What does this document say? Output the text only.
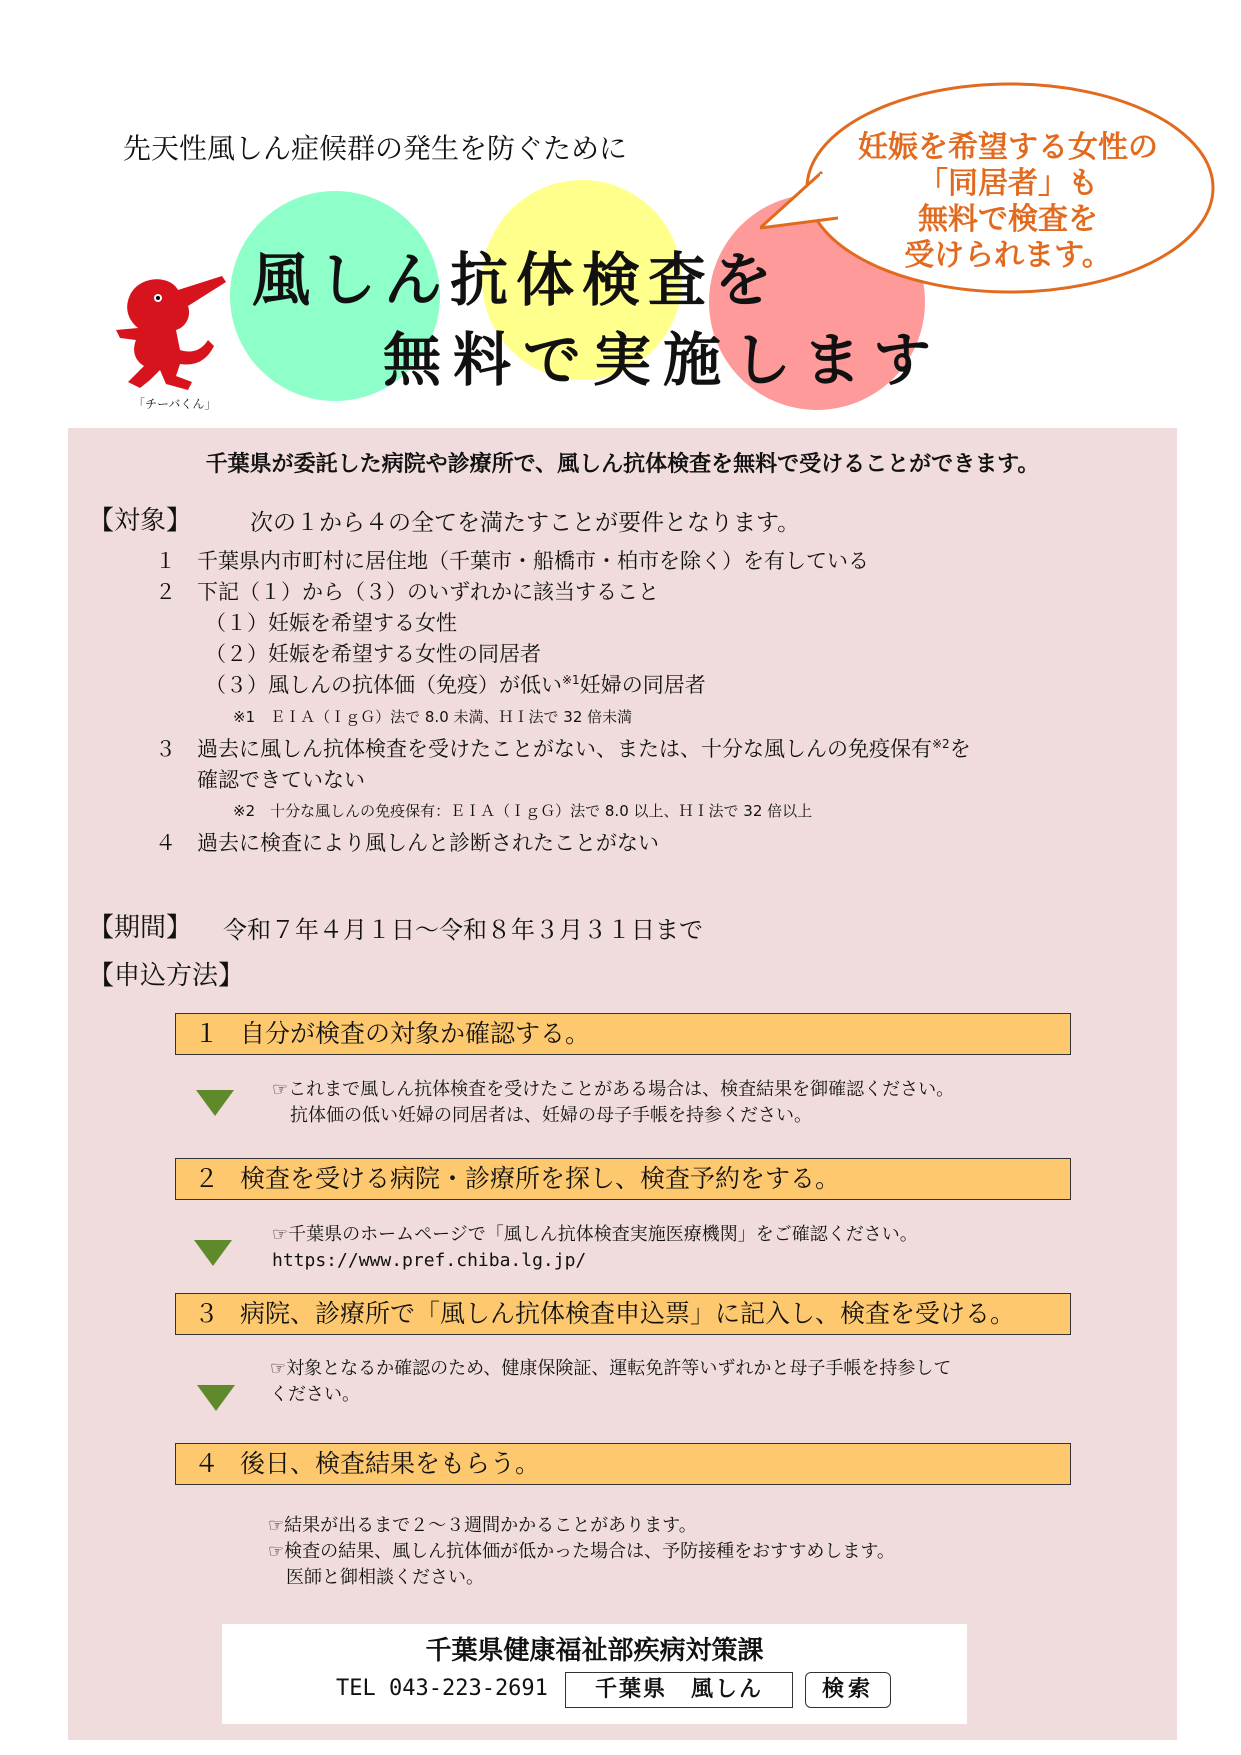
先天性風しん症候群の発生を防ぐために
風しん抗体検査を
無料で実施します
妊娠を希望する女性の
「同居者」も
無料で検査を
受けられます。
「チーバくん」
千葉県が委託した病院や診療所で、風しん抗体検査を無料で受けることができます。
【対象】	次の１から４の全てを満たすことが要件となります。
１ 千葉県内市町村に居住地（千葉市・船橋市・柏市を除く）を有している
２ 下記（１）から（３）のいずれかに該当すること
（１）妊娠を希望する女性
（２）妊娠を希望する女性の同居者
（３）風しんの抗体価（免疫）が低い$^{※1}$妊婦の同居者
※1　ＥＩＡ（ＩｇＧ）法で 8.0 未満、ＨＩ法で 32 倍未満
３ 過去に風しん抗体検査を受けたことがない、または、十分な風しんの免疫保有$^{※2}$を
確認できていない
※2　十分な風しんの免疫保有：ＥＩＡ（ＩｇＧ）法で 8.0 以上、ＨＩ法で 32 倍以上
４ 過去に検査により風しんと診断されたことがない
【期間】 令和７年４月１日～令和８年３月３１日まで
【申込方法】
１ 自分が検査の対象か確認する。
☞これまで風しん抗体検査を受けたことがある場合は、検査結果を御確認ください。
　抗体価の低い妊婦の同居者は、妊婦の母子手帳を持参ください。
２ 検査を受ける病院・診療所を探し、検査予約をする。
☞千葉県のホームページで「風しん抗体検査実施医療機関」をご確認ください。
https://www.pref.chiba.lg.jp/
３ 病院、診療所で「風しん抗体検査申込票」に記入し、検査を受ける。
☞対象となるか確認のため、健康保険証、運転免許等いずれかと母子手帳を持参して
ください。
４ 後日、検査結果をもらう。
☞結果が出るまで２～３週間かかることがあります。
☞検査の結果、風しん抗体価が低かった場合は、予防接種をおすすめします。
　医師と御相談ください。
千葉県健康福祉部疾病対策課
TEL 043-223-2691	千葉県　風しん	検索
